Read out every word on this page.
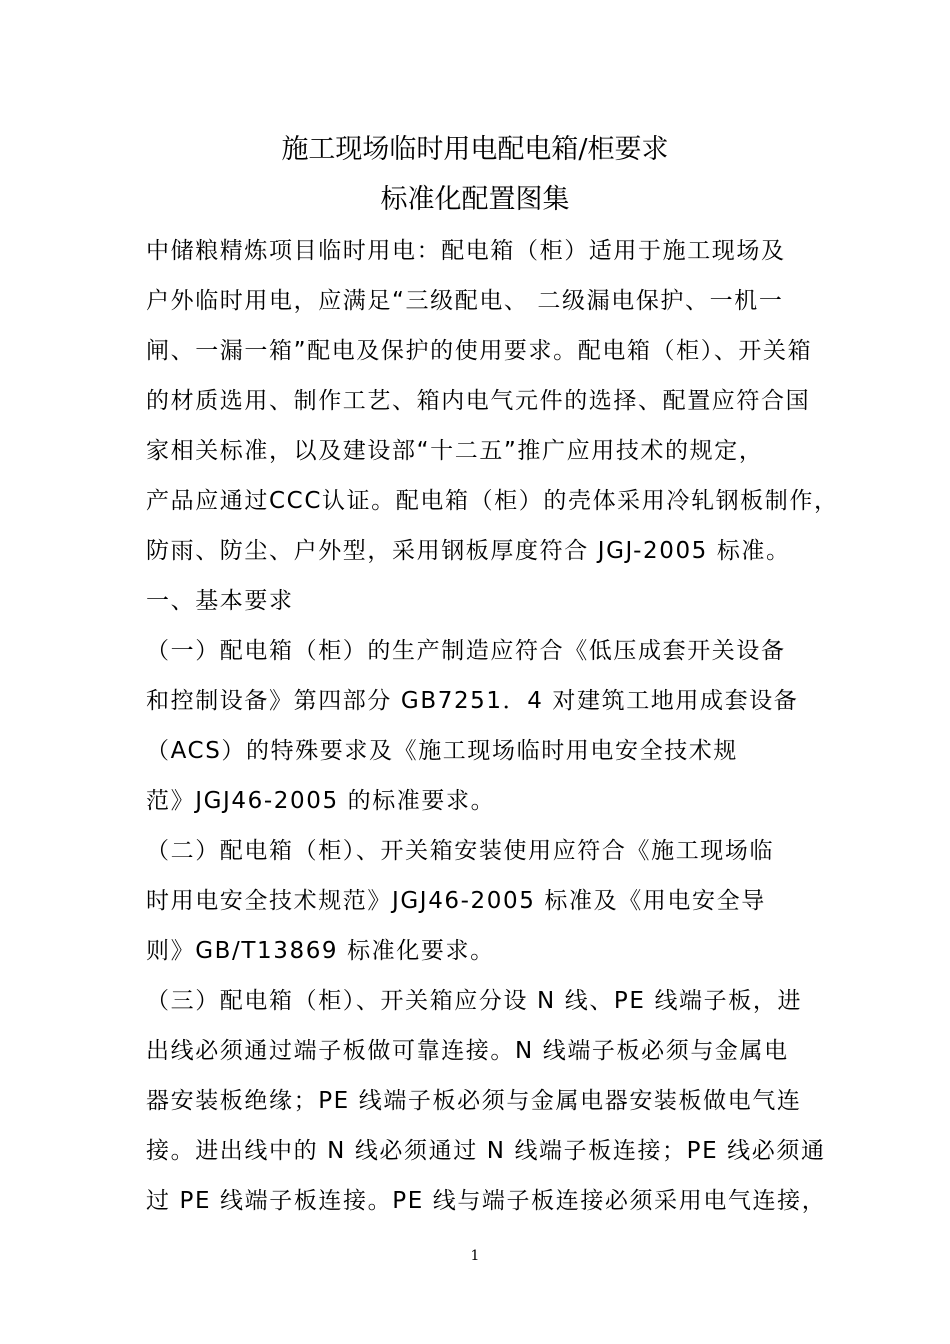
施工现场临时用电配电箱/柜要求
标准化配置图集
中储粮精炼项目临时用电：配电箱（柜）适用于施工现场及
户外临时用电，应满足“三级配电、 二级漏电保护、一机一
闸、一漏一箱”配电及保护的使用要求。配电箱（柜）、开关箱
的材质选用、制作工艺、箱内电气元件的选择、配置应符合国
家相关标准，以及建设部“十二五”推广应用技术的规定，
产品应通过CCC认证。配电箱（柜）的壳体采用冷轧钢板制作，
防雨、防尘、户外型，采用钢板厚度符合 JGJ-2005 标准。
一、基本要求
（一）配电箱（柜）的生产制造应符合《低压成套开关设备
和控制设备》第四部分 GB7251．4 对建筑工地用成套设备
（ACS）的特殊要求及《施工现场临时用电安全技术规
范》JGJ46-2005 的标准要求。
（二）配电箱（柜）、开关箱安装使用应符合《施工现场临
时用电安全技术规范》JGJ46-2005 标准及《用电安全导
则》GB/T13869 标准化要求。
（三）配电箱（柜）、开关箱应分设 N 线、PE 线端子板，进
出线必须通过端子板做可靠连接。N 线端子板必须与金属电
器安装板绝缘；PE 线端子板必须与金属电器安装板做电气连
接。进出线中的 N 线必须通过 N 线端子板连接；PE 线必须通
过 PE 线端子板连接。PE 线与端子板连接必须采用电气连接，
1
